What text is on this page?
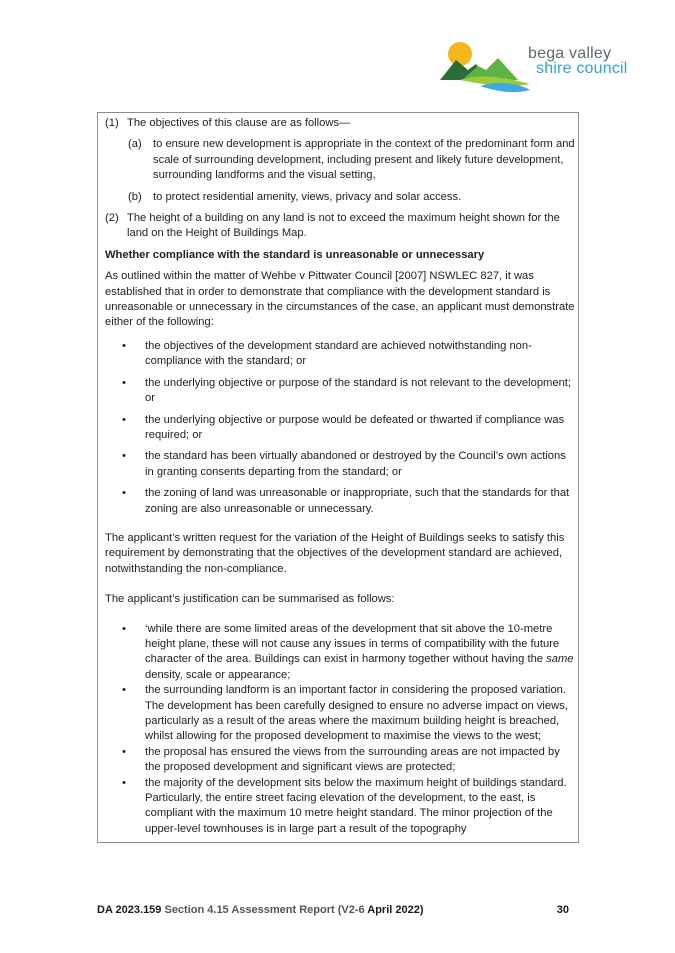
bega valley
shire council

(1) The objectives of this clause are as follows—

(a) to ensure new development is appropriate in the context of the predominant form and scale of surrounding development, including present and likely future development, surrounding landforms and the visual setting,

(b) to protect residential amenity, views, privacy and solar access.

(2) The height of a building on any land is not to exceed the maximum height shown for the land on the Height of Buildings Map.

Whether compliance with the standard is unreasonable or unnecessary

As outlined within the matter of Wehbe v Pittwater Council [2007] NSWLEC 827, it was established that in order to demonstrate that compliance with the development standard is unreasonable or unnecessary in the circumstances of the case, an applicant must demonstrate either of the following:

• the objectives of the development standard are achieved notwithstanding non-compliance with the standard; or

• the underlying objective or purpose of the standard is not relevant to the development; or

• the underlying objective or purpose would be defeated or thwarted if compliance was required; or

• the standard has been virtually abandoned or destroyed by the Council’s own actions in granting consents departing from the standard; or

• the zoning of land was unreasonable or inappropriate, such that the standards for that zoning are also unreasonable or unnecessary.

The applicant’s written request for the variation of the Height of Buildings seeks to satisfy this requirement by demonstrating that the objectives of the development standard are achieved, notwithstanding the non-compliance.

The applicant’s justification can be summarised as follows:

• ‘while there are some limited areas of the development that sit above the 10-metre height plane, these will not cause any issues in terms of compatibility with the future character of the area. Buildings can exist in harmony together without having the same density, scale or appearance;

• the surrounding landform is an important factor in considering the proposed variation. The development has been carefully designed to ensure no adverse impact on views, particularly as a result of the areas where the maximum building height is breached, whilst allowing for the proposed development to maximise the views to the west;

• the proposal has ensured the views from the surrounding areas are not impacted by the proposed development and significant views are protected;

• the majority of the development sits below the maximum height of buildings standard. Particularly, the entire street facing elevation of the development, to the east, is compliant with the maximum 10 metre height standard. The minor projection of the upper-level townhouses is in large part a result of the topography

DA 2023.159 Section 4.15 Assessment Report (V2-6 April 2022)	30
